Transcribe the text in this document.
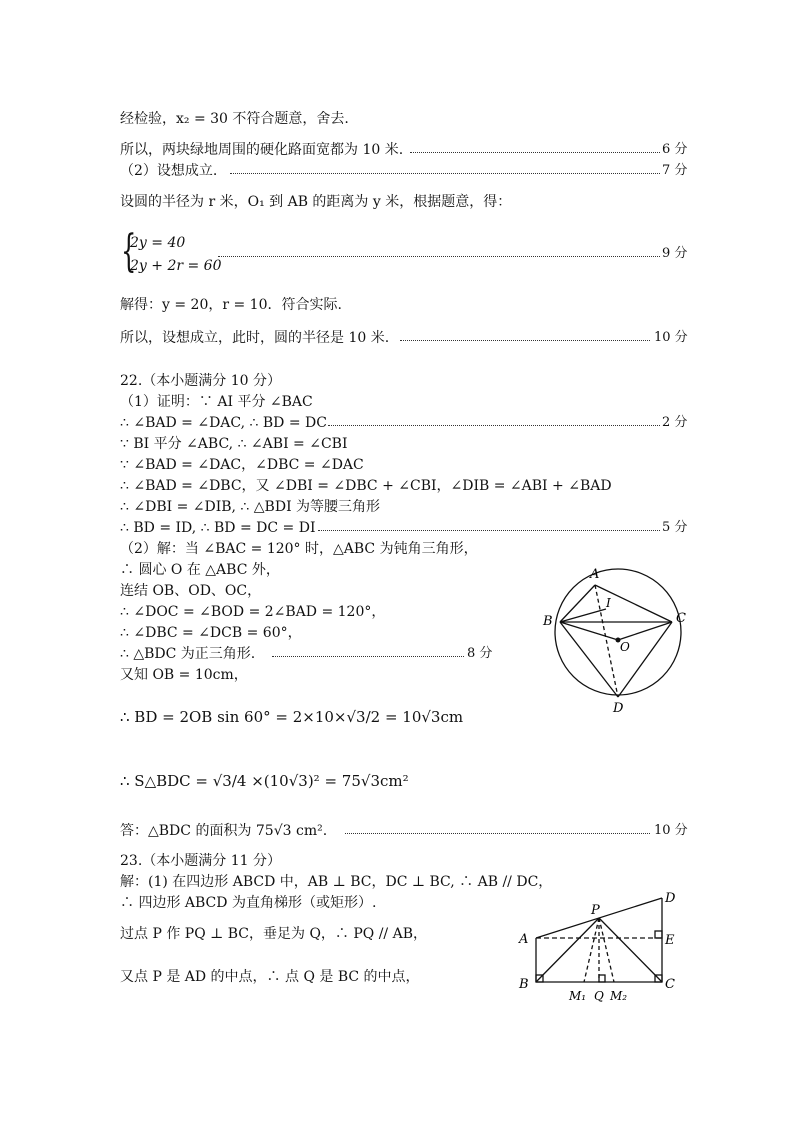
经检验，x₂ = 30 不符合题意，舍去.
所以，两块绿地周围的硬化路面宽都为 10 米.	6 分
（2）设想成立.	7 分
设圆的半径为 r 米，O₁ 到 AB 的距离为 y 米，根据题意，得：
{
2y = 40
2y + 2r = 60
9 分
解得：y = 20，r = 10．符合实际.
所以，设想成立，此时，圆的半径是 10 米.	10 分
22.（本小题满分 10 分）
（1）证明：∵ AI 平分 ∠BAC
∴ ∠BAD = ∠DAC, ∴ BD = DC	2 分
∵ BI 平分 ∠ABC, ∴ ∠ABI = ∠CBI
∵ ∠BAD = ∠DAC，∠DBC = ∠DAC
∴ ∠BAD = ∠DBC，又 ∠DBI = ∠DBC + ∠CBI，∠DIB = ∠ABI + ∠BAD
∴ ∠DBI = ∠DIB, ∴ △BDI 为等腰三角形
∴ BD = ID, ∴ BD = DC = DI	5 分
（2）解：当 ∠BAC = 120° 时，△ABC 为钝角三角形，
∴ 圆心 O 在 △ABC 外，
连结 OB、OD、OC，
∴ ∠DOC = ∠BOD = 2∠BAD = 120°，
∴ ∠DBC = ∠DCB = 60°，
∴ △BDC 为正三角形.	8 分
又知 OB = 10cm，
∴ BD = 2OB sin 60° = 2×10×√3/2 = 10√3cm
∴ S△BDC = √3/4 ×(10√3)² = 75√3cm²
答：△BDC 的面积为 75√3 cm².	10 分
23.（本小题满分 11 分）
解：(1) 在四边形 ABCD 中，AB ⊥ BC，DC ⊥ BC, ∴ AB // DC，
∴ 四边形 ABCD 为直角梯形（或矩形）.
过点 P 作 PQ ⊥ BC，垂足为 Q，∴ PQ // AB，
又点 P 是 AD 的中点，∴ 点 Q 是 BC 的中点，
A
B	C
D
I
O
A
B	C
D
E
P
M₁ Q M₂
